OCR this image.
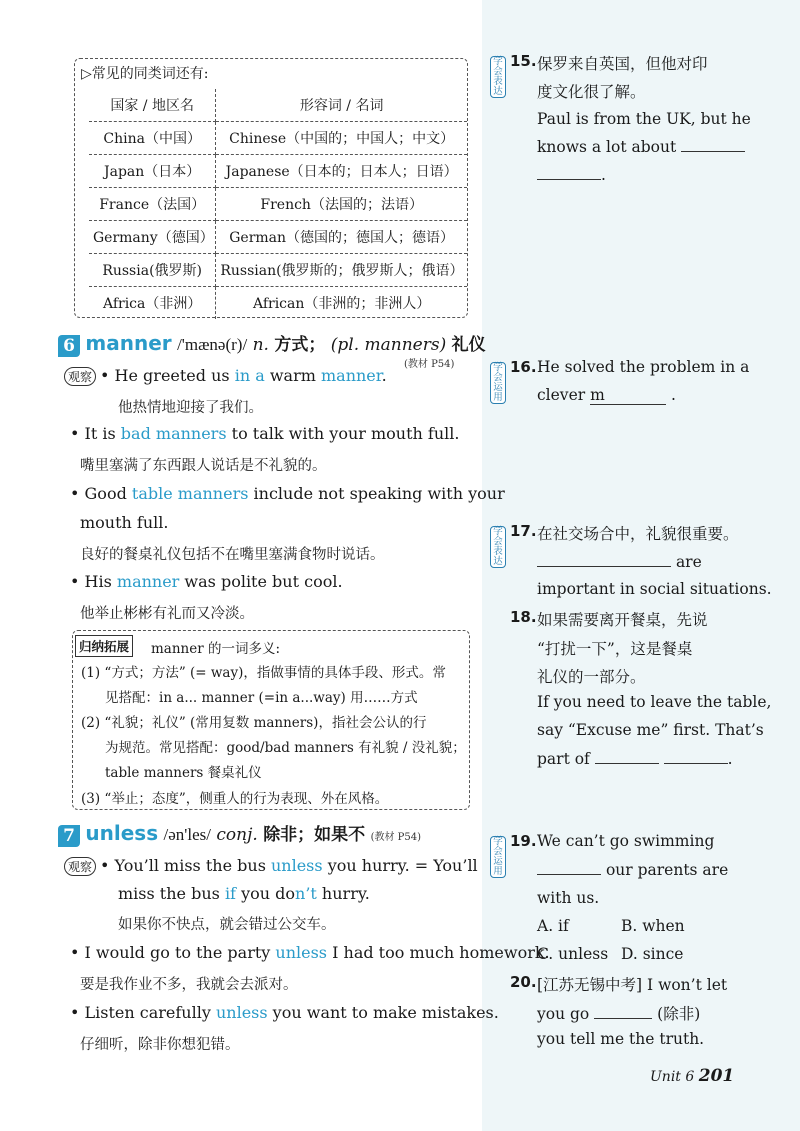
▷常见的同类词还有:
国家 / 地区名	形容词 / 名词
China（中国）	Chinese（中国的；中国人；中文）
Japan（日本）	Japanese（日本的；日本人；日语）
France（法国）	French（法国的；法语）
Germany（德国）	German（德国的；德国人；德语）
Russia(俄罗斯)	Russian(俄罗斯的；俄罗斯人；俄语）
Africa（非洲）	African（非洲的；非洲人）
6 manner /'mænə(r)/ n. 方式； (pl. manners) 礼仪
(教材 P54)
观察 • He greeted us in a warm manner.
他热情地迎接了我们。
• It is bad manners to talk with your mouth full.
嘴里塞满了东西跟人说话是不礼貌的。
• Good table manners include not speaking with your
mouth full.
良好的餐桌礼仪包括不在嘴里塞满食物时说话。
• His manner was polite but cool.
他举止彬彬有礼而又冷淡。
归纳拓展 manner 的一词多义:
(1) “方式；方法” (= way)，指做事情的具体手段、形式。常
见搭配：in a... manner (=in a...way) 用……方式
(2) “礼貌；礼仪” (常用复数 manners)，指社会公认的行
为规范。常见搭配：good/bad manners 有礼貌 / 没礼貌；
table manners 餐桌礼仪
(3) “举止；态度”，侧重人的行为表现、外在风格。
7 unless /ən'les/ conj. 除非；如果不 (教材 P54)
观察 • You’ll miss the bus unless you hurry. = You’ll
miss the bus if you don’t hurry.
如果你不快点，就会错过公交车。
• I would go to the party unless I had too much homework.
要是我作业不多，我就会去派对。
• Listen carefully unless you want to make mistakes.
仔细听，除非你想犯错。
学会表达
15. 保罗来自英国，但他对印
度文化很了解。
Paul is from the UK, but he
knows a lot about
.
学会运用
16. He solved the problem in a
clever m	.
学会表达
17. 在社交场合中，礼貌很重要。
are
important in social situations.
18. 如果需要离开餐桌，先说
“打扰一下”，这是餐桌
礼仪的一部分。
If you need to leave the table,
say “Excuse me” first. That’s
part of	.
学会运用
19. We can’t go swimming
our parents are
with us.
A. if	B. when
C. unless D. since
20. [江苏无锡中考] I won’t let
you go	(除非)
you tell me the truth.
Unit 6 201
